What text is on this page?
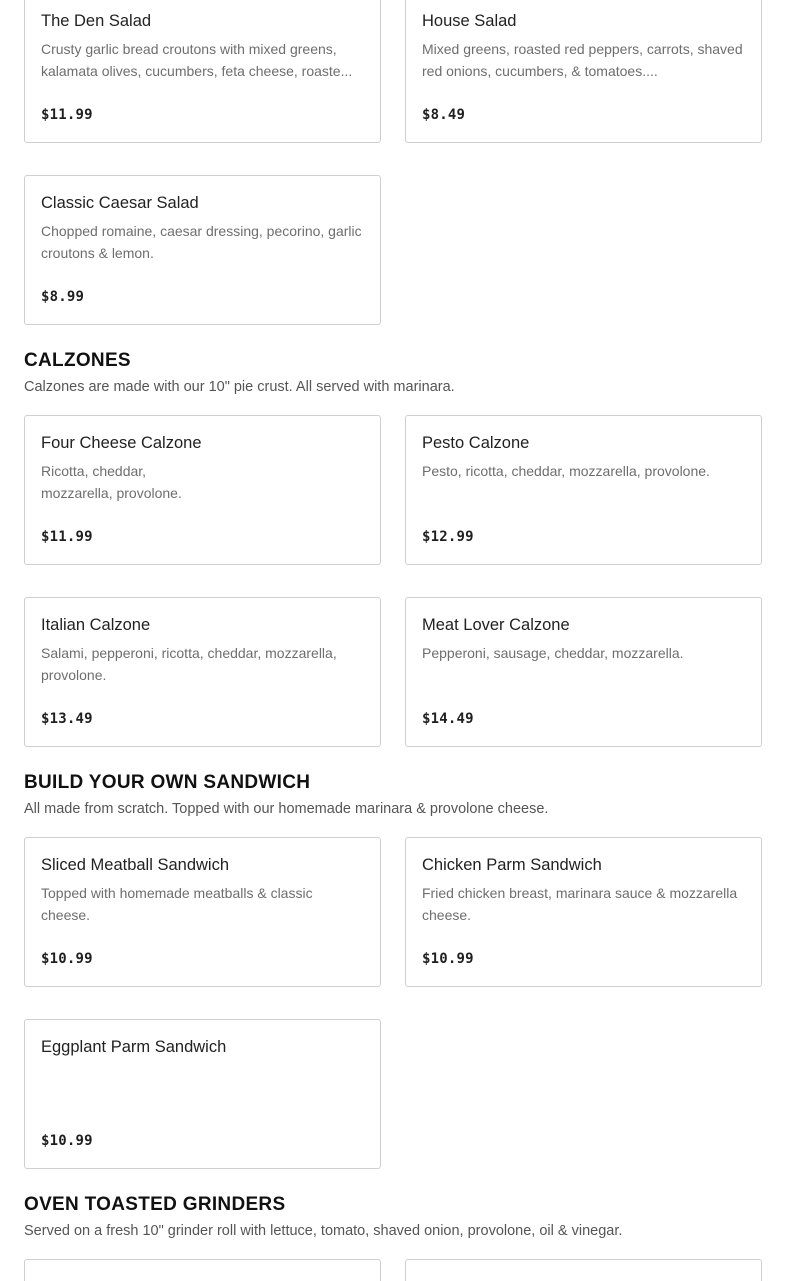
The Den Salad
Crusty garlic bread croutons with mixed greens, kalamata olives, cucumbers, feta cheese, roaste...
$11.99
House Salad
Mixed greens, roasted red peppers, carrots, shaved red onions, cucumbers, & tomatoes....
$8.49
Classic Caesar Salad
Chopped romaine, caesar dressing, pecorino, garlic croutons & lemon.
$8.99
CALZONES
Calzones are made with our 10" pie crust. All served with marinara.
Four Cheese Calzone
Ricotta, cheddar,
mozzarella, provolone.
$11.99
Pesto Calzone
Pesto, ricotta, cheddar, mozzarella, provolone.
$12.99
Italian Calzone
Salami, pepperoni, ricotta, cheddar, mozzarella, provolone.
$13.49
Meat Lover Calzone
Pepperoni, sausage, cheddar, mozzarella.
$14.49
BUILD YOUR OWN SANDWICH
All made from scratch. Topped with our homemade marinara & provolone cheese.
Sliced Meatball Sandwich
Topped with homemade meatballs & classic cheese.
$10.99
Chicken Parm Sandwich
Fried chicken breast, marinara sauce & mozzarella cheese.
$10.99
Eggplant Parm Sandwich
$10.99
OVEN TOASTED GRINDERS
Served on a fresh 10" grinder roll with lettuce, tomato, shaved onion, provolone, oil & vinegar.
